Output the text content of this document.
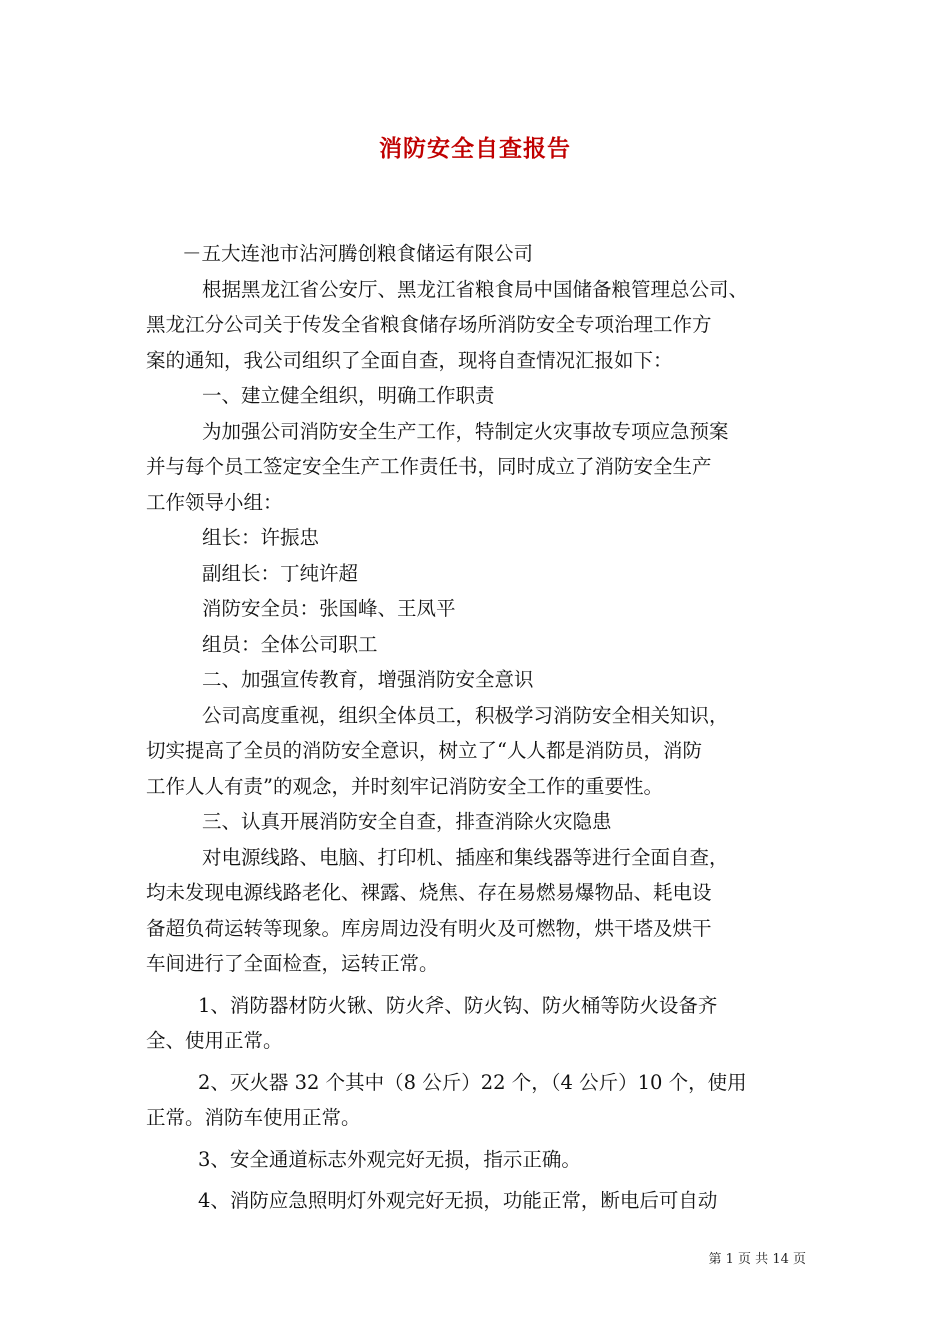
消防安全自查报告
－五大连池市沾河腾创粮食储运有限公司
根据黑龙江省公安厅、黑龙江省粮食局中国储备粮管理总公司、
黑龙江分公司关于传发全省粮食储存场所消防安全专项治理工作方
案的通知，我公司组织了全面自查，现将自查情况汇报如下：
一、建立健全组织，明确工作职责
为加强公司消防安全生产工作，特制定火灾事故专项应急预案
并与每个员工签定安全生产工作责任书，同时成立了消防安全生产
工作领导小组：
组长：许振忠
副组长：丁纯许超
消防安全员：张国峰、王凤平
组员：全体公司职工
二、加强宣传教育，增强消防安全意识
公司高度重视，组织全体员工，积极学习消防安全相关知识，
切实提高了全员的消防安全意识，树立了“人人都是消防员，消防
工作人人有责”的观念，并时刻牢记消防安全工作的重要性。
三、认真开展消防安全自查，排查消除火灾隐患
对电源线路、电脑、打印机、插座和集线器等进行全面自查，
均未发现电源线路老化、裸露、烧焦、存在易燃易爆物品、耗电设
备超负荷运转等现象。库房周边没有明火及可燃物，烘干塔及烘干
车间进行了全面检查，运转正常。
1、消防器材防火锹、防火斧、防火钩、防火桶等防火设备齐
全、使用正常。
2、灭火器 32 个其中（8 公斤）22 个，（4 公斤）10 个，使用
正常。消防车使用正常。
3、安全通道标志外观完好无损，指示正确。
4、消防应急照明灯外观完好无损，功能正常，断电后可自动
第 1 页 共 14 页
